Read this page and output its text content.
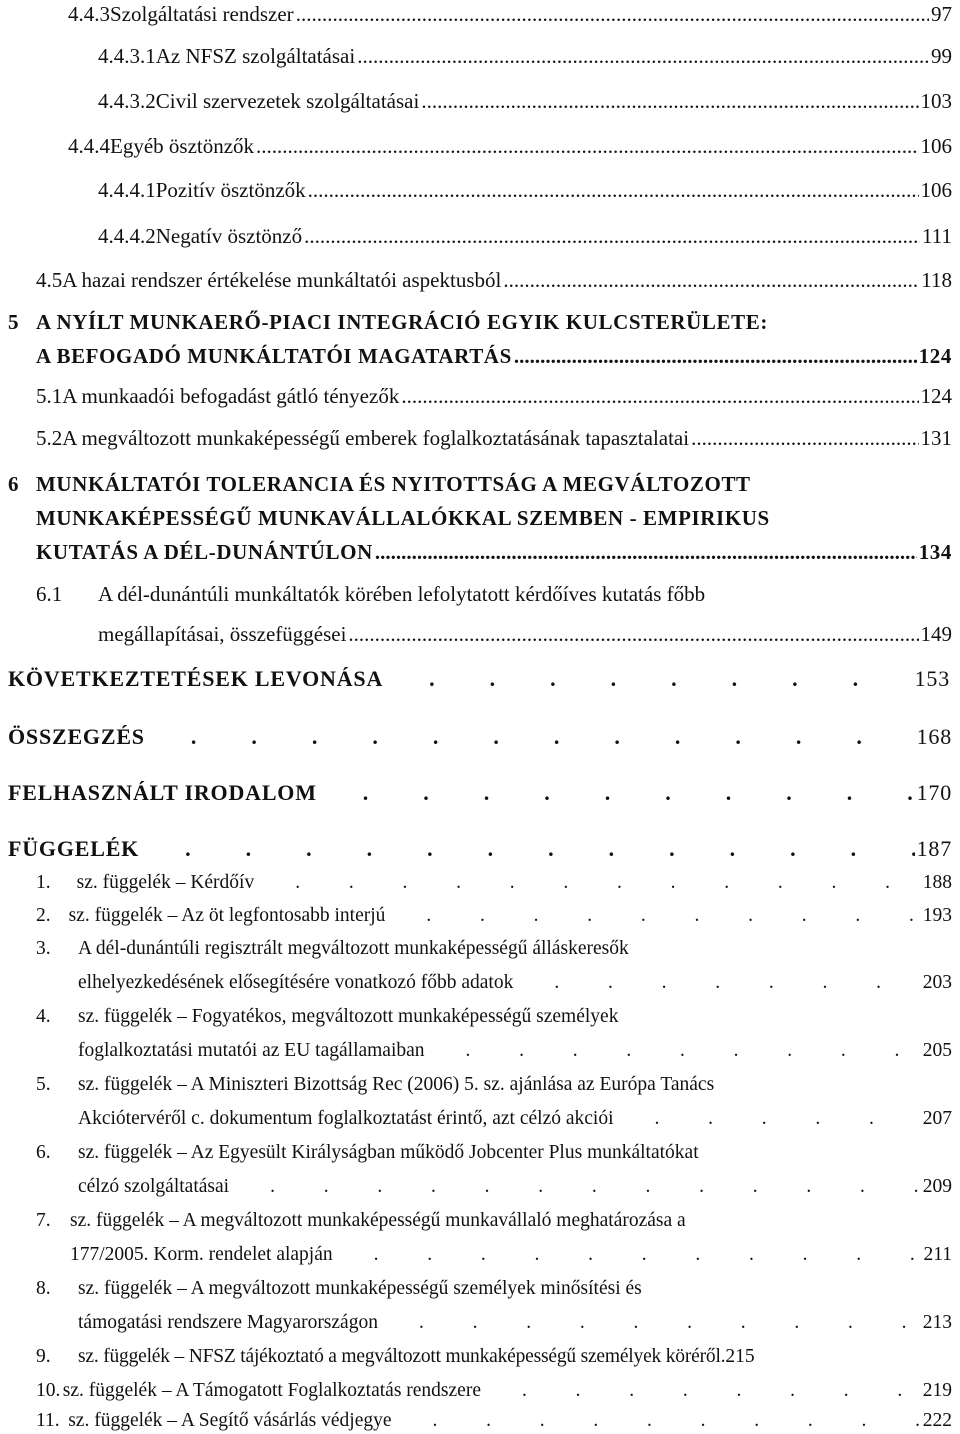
4.4.3 Szolgáltatási rendszer .....	97
4.4.3.1 Az NFSZ szolgáltatásai .....	99
4.4.3.2 Civil szervezetek szolgáltatásai .....	103
4.4.4 Egyéb ösztönzők .....	106
4.4.4.1 Pozitív ösztönzők .....	106
4.4.4.2 Negatív ösztönző .....	111
4.5 A hazai rendszer értékelése munkáltatói aspektusból .....	118
5 A NYÍLT MUNKAERŐ-PIACI INTEGRÁCIÓ EGYIK KULCSTERÜLETE:
A BEFOGADÓ MUNKÁLTATÓI MAGATARTÁS .....	124
5.1 A munkaadói befogadást gátló tényezők .....	124
5.2 A megváltozott munkaképességű emberek foglalkoztatásának tapasztalatai .....	131
6 MUNKÁLTATÓI TOLERANCIA ÉS NYITOTTSÁG A MEGVÁLTOZOTT
MUNKAKÉPESSÉGŰ MUNKAVÁLLALÓKKAL SZEMBEN - EMPIRIKUS
KUTATÁS A DÉL-DUNÁNTÚLON .....	134
6.1	A dél-dunántúli munkáltatók körében lefolytatott kérdőíves kutatás főbb
megállapításai, összefüggései .....	149
KÖVETKEZTETÉSEK LEVONÁSA .    	153
ÖSSZEGZÉS .    	168
FELHASZNÁLT IRODALOM .    	170
FÜGGELÉK .    	187
1.	sz. függelék – Kérdőív .    	188
2. sz. függelék – Az öt legfontosabb interjú .    	193
3.	A dél-dunántúli regisztrált megváltozott munkaképességű álláskeresők
elhelyezkedésének elősegítésére vonatkozó főbb adatok .    	203
4.	sz. függelék – Fogyatékos, megváltozott munkaképességű személyek
foglalkoztatási mutatói az EU tagállamaiban .    	205
5.	sz. függelék – A Miniszteri Bizottság Rec (2006) 5. sz. ajánlása az Európa Tanács
Akciótervéről c. dokumentum foglalkoztatást érintő, azt célzó akciói .    	207
6.	sz. függelék – Az Egyesült Királyságban működő Jobcenter Plus munkáltatókat
célzó szolgáltatásai .    	209
7. sz. függelék – A megváltozott munkaképességű munkavállaló meghatározása a
177/2005. Korm. rendelet alapján .    	211
8.	sz. függelék – A megváltozott munkaképességű személyek minősítési és
támogatási rendszere Magyarországon .    	213
9.	sz. függelék – NFSZ tájékoztató a megváltozott munkaképességű személyek köréről. 215
10. sz. függelék – A Támogatott Foglalkoztatás rendszere .    	219
11. sz. függelék – A Segítő vásárlás védjegye .    	222
